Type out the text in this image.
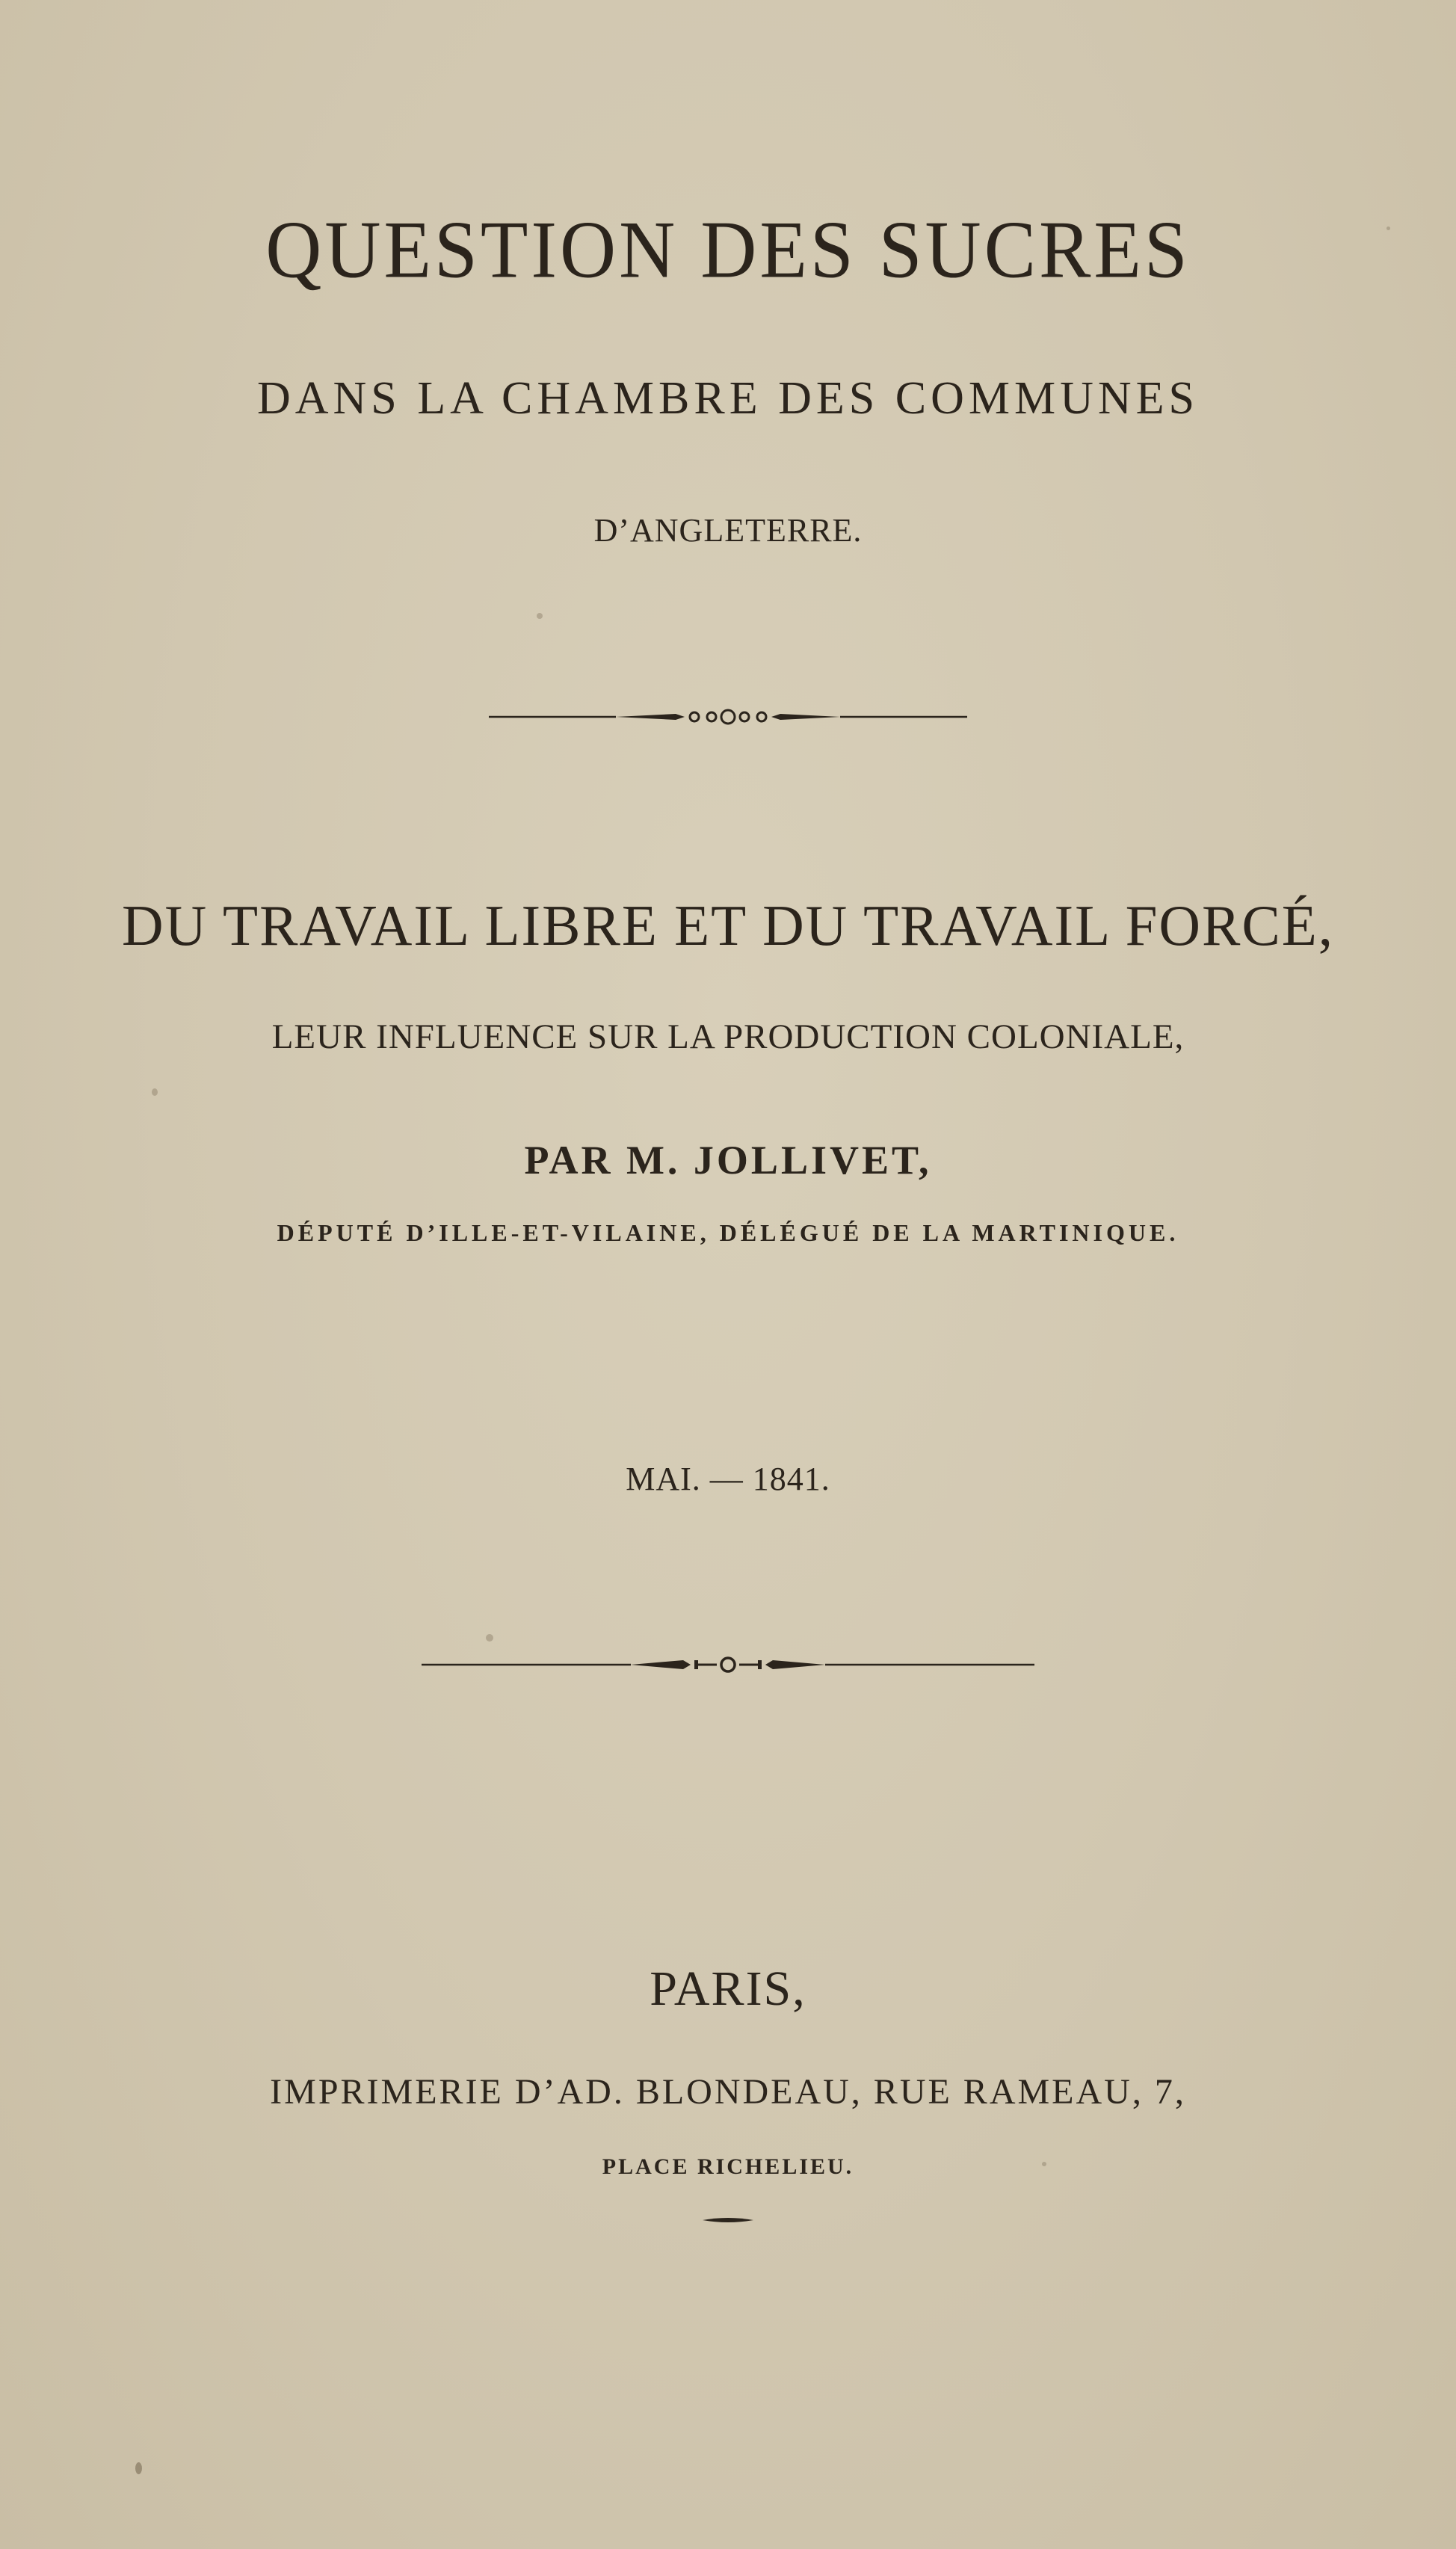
QUESTION DES SUCRES
DANS LA CHAMBRE DES COMMUNES
D’ANGLETERRE.
DU TRAVAIL LIBRE ET DU TRAVAIL FORCÉ,
LEUR INFLUENCE SUR LA PRODUCTION COLONIALE,
PAR M. JOLLIVET,
DÉPUTÉ D’ILLE-ET-VILAINE, DÉLÉGUÉ DE LA MARTINIQUE.
MAI. — 1841.
PARIS,
IMPRIMERIE D’AD. BLONDEAU, RUE RAMEAU, 7,
PLACE RICHELIEU.
